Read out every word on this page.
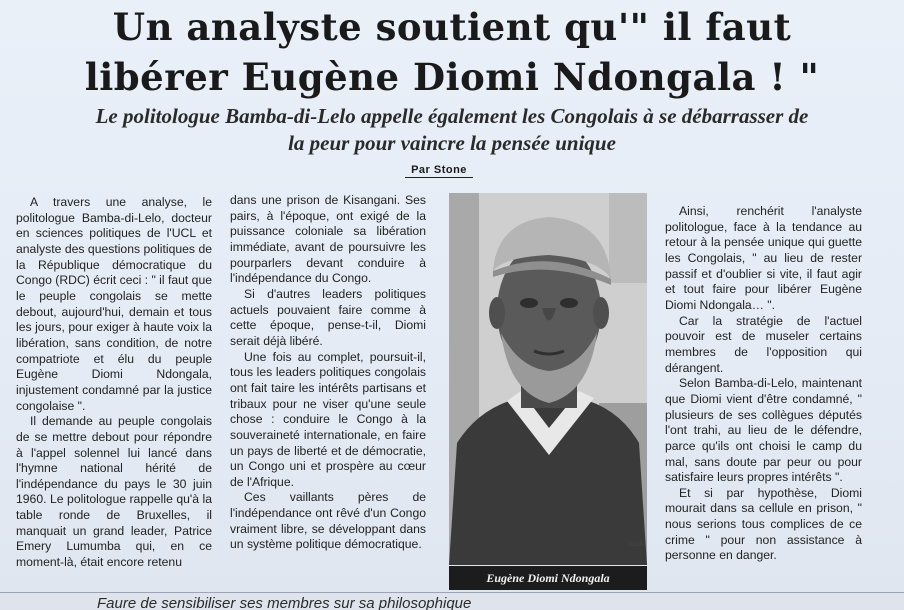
Un analyste soutient qu'" il faut
libérer Eugène Diomi Ndongala ! "
Le politologue Bamba-di-Lelo appelle également les Congolais à se débarrasser de
la peur pour vaincre la pensée unique
Par Stone

A travers une analyse, le politologue Bamba-di-Lelo, docteur en sciences politiques de l'UCL et analyste des questions politiques de la République démocratique du Congo (RDC) écrit ceci : " il faut que le peuple congolais se mette debout, aujourd'hui, demain et tous les jours, pour exiger à haute voix la libération, sans condition, de notre compatriote et élu du peuple Eugène Diomi Ndongala, injustement condamné par la justice congolaise ".

Il demande au peuple congolais de se mettre debout pour répondre à l'appel solennel lui lancé dans l'hymne national hérité de l'indépendance du pays le 30 juin 1960. Le politologue rappelle qu'à la table ronde de Bruxelles, il manquait un grand leader, Patrice Emery Lumumba qui, en ce moment-là, était encore retenu

dans une prison de Kisangani. Ses pairs, à l'époque, ont exigé de la puissance coloniale sa libération immédiate, avant de poursuivre les pourparlers devant conduire à l'indépendance du Congo.

Si d'autres leaders politiques actuels pouvaient faire comme à cette époque, pense-t-il, Diomi serait déjà libéré.

Une fois au complet, poursuit-il, tous les leaders politiques congolais ont fait taire les intérêts partisans et tribaux pour ne viser qu'une seule chose : conduire le Congo à la souveraineté internationale, en faire un pays de liberté et de démocratie, un Congo uni et prospère au cœur de l'Afrique.

Ces vaillants pères de l'indépendance ont rêvé d'un Congo vraiment libre, se développant dans un système politique démocratique.	Radi
Eugène Diomi Ndongala

Ainsi, renchérit l'analyste politologue, face à la tendance au retour à la pensée unique qui guette les Congolais, " au lieu de rester passif et d'oublier si vite, il faut agir et tout faire pour libérer Eugène Diomi Ndongala… ".

Car la stratégie de l'actuel pouvoir est de museler certains membres de l'opposition qui dérangent.

Selon Bamba-di-Lelo, maintenant que Diomi vient d'être condamné, " plusieurs de ses collègues députés l'ont trahi, au lieu de le défendre, parce qu'ils ont choisi le camp du mal, sans doute par peur ou pour satisfaire leurs propres intérêts ".

Et si par hypothèse, Diomi mourait dans sa cellule en prison, " nous serions tous complices de ce crime " pour non assistance à personne en danger.

Faure de sensibiliser ses membres sur sa philosophique
